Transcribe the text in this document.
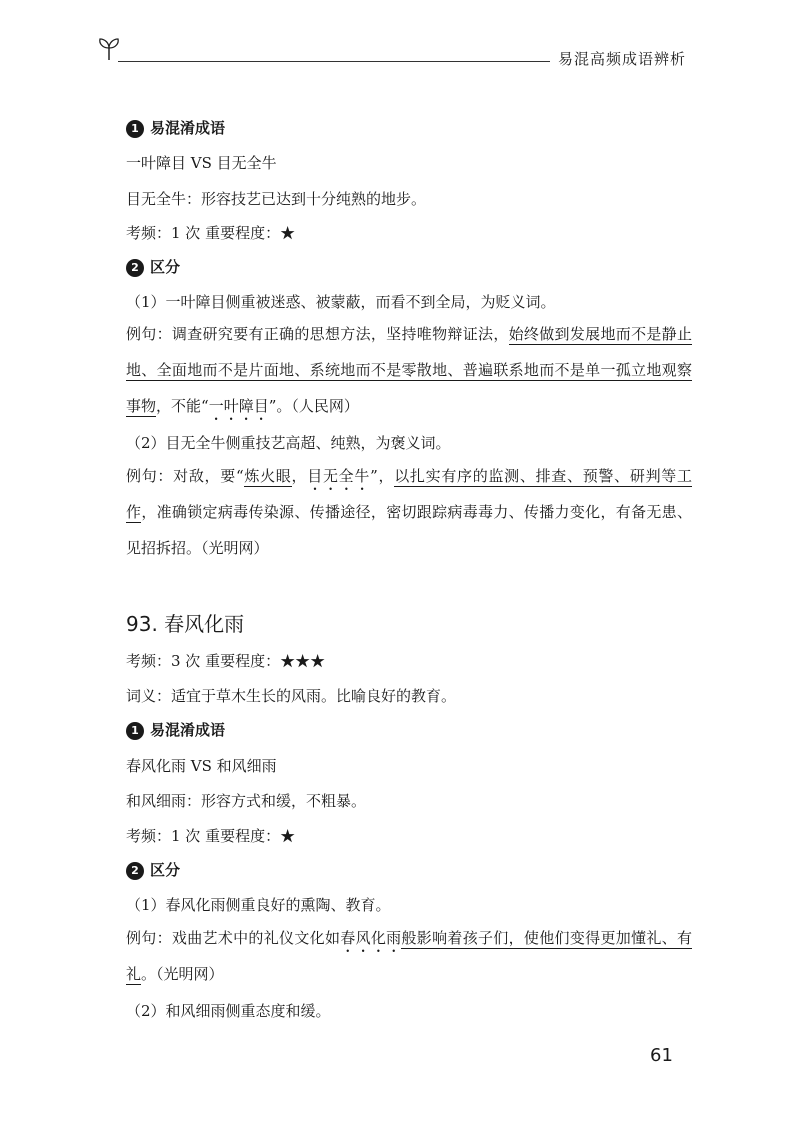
易混高频成语辨析
1 易混淆成语
一叶障目 VS 目无全牛
目无全牛：形容技艺已达到十分纯熟的地步。
考频：1 次 重要程度：★
2 区分
（1）一叶障目侧重被迷惑、被蒙蔽，而看不到全局，为贬义词。
例句：调查研究要有正确的思想方法，坚持唯物辩证法，始终做到发展地而不是静止地、全面地而不是片面地、系统地而不是零散地、普遍联系地而不是单一孤立地观察事物，不能“一叶障目”。（人民网）
（2）目无全牛侧重技艺高超、纯熟，为褒义词。
例句：对敌，要“炼火眼，目无全牛”，以扎实有序的监测、排查、预警、研判等工作，准确锁定病毒传染源、传播途径，密切跟踪病毒毒力、传播力变化，有备无患、见招拆招。（光明网）
93. 春风化雨
考频：3 次 重要程度：★★★
词义：适宜于草木生长的风雨。比喻良好的教育。
1 易混淆成语
春风化雨 VS 和风细雨
和风细雨：形容方式和缓，不粗暴。
考频：1 次 重要程度：★
2 区分
（1）春风化雨侧重良好的熏陶、教育。
例句：戏曲艺术中的礼仪文化如春风化雨般影响着孩子们，使他们变得更加懂礼、有礼。（光明网）
（2）和风细雨侧重态度和缓。
61
